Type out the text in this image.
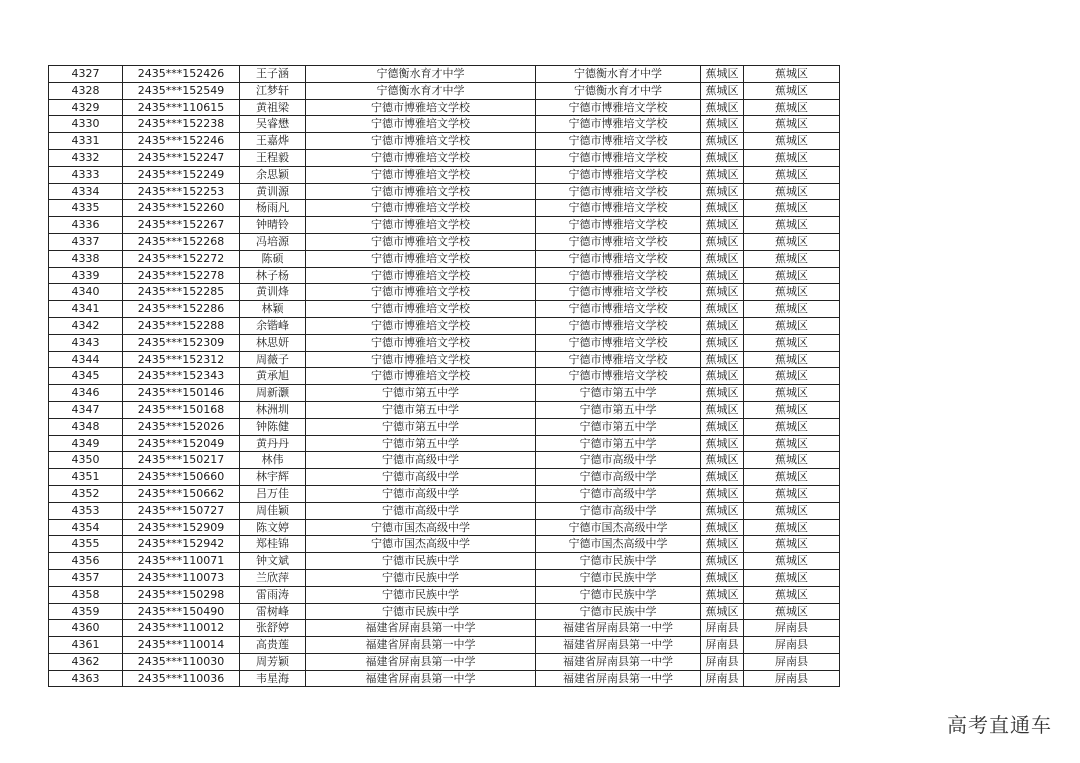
4327	2435***152426	王子涵	宁德衡水育才中学	宁德衡水育才中学	蕉城区	蕉城区
4328	2435***152549	江梦轩	宁德衡水育才中学	宁德衡水育才中学	蕉城区	蕉城区
4329	2435***110615	黄祖梁	宁德市博雅培文学校	宁德市博雅培文学校	蕉城区	蕉城区
4330	2435***152238	吴睿懋	宁德市博雅培文学校	宁德市博雅培文学校	蕉城区	蕉城区
4331	2435***152246	王嘉烨	宁德市博雅培文学校	宁德市博雅培文学校	蕉城区	蕉城区
4332	2435***152247	王程毅	宁德市博雅培文学校	宁德市博雅培文学校	蕉城区	蕉城区
4333	2435***152249	余思颖	宁德市博雅培文学校	宁德市博雅培文学校	蕉城区	蕉城区
4334	2435***152253	黄训源	宁德市博雅培文学校	宁德市博雅培文学校	蕉城区	蕉城区
4335	2435***152260	杨雨凡	宁德市博雅培文学校	宁德市博雅培文学校	蕉城区	蕉城区
4336	2435***152267	钟晴铃	宁德市博雅培文学校	宁德市博雅培文学校	蕉城区	蕉城区
4337	2435***152268	冯培源	宁德市博雅培文学校	宁德市博雅培文学校	蕉城区	蕉城区
4338	2435***152272	陈硕	宁德市博雅培文学校	宁德市博雅培文学校	蕉城区	蕉城区
4339	2435***152278	林子杨	宁德市博雅培文学校	宁德市博雅培文学校	蕉城区	蕉城区
4340	2435***152285	黄训烽	宁德市博雅培文学校	宁德市博雅培文学校	蕉城区	蕉城区
4341	2435***152286	林颖	宁德市博雅培文学校	宁德市博雅培文学校	蕉城区	蕉城区
4342	2435***152288	余锴峰	宁德市博雅培文学校	宁德市博雅培文学校	蕉城区	蕉城区
4343	2435***152309	林思妍	宁德市博雅培文学校	宁德市博雅培文学校	蕉城区	蕉城区
4344	2435***152312	周薇子	宁德市博雅培文学校	宁德市博雅培文学校	蕉城区	蕉城区
4345	2435***152343	黄承旭	宁德市博雅培文学校	宁德市博雅培文学校	蕉城区	蕉城区
4346	2435***150146	周新灏	宁德市第五中学	宁德市第五中学	蕉城区	蕉城区
4347	2435***150168	林洲圳	宁德市第五中学	宁德市第五中学	蕉城区	蕉城区
4348	2435***152026	钟陈健	宁德市第五中学	宁德市第五中学	蕉城区	蕉城区
4349	2435***152049	黄丹丹	宁德市第五中学	宁德市第五中学	蕉城区	蕉城区
4350	2435***150217	林伟	宁德市高级中学	宁德市高级中学	蕉城区	蕉城区
4351	2435***150660	林宇辉	宁德市高级中学	宁德市高级中学	蕉城区	蕉城区
4352	2435***150662	吕万佳	宁德市高级中学	宁德市高级中学	蕉城区	蕉城区
4353	2435***150727	周佳颖	宁德市高级中学	宁德市高级中学	蕉城区	蕉城区
4354	2435***152909	陈文婷	宁德市国杰高级中学	宁德市国杰高级中学	蕉城区	蕉城区
4355	2435***152942	郑桂锦	宁德市国杰高级中学	宁德市国杰高级中学	蕉城区	蕉城区
4356	2435***110071	钟文斌	宁德市民族中学	宁德市民族中学	蕉城区	蕉城区
4357	2435***110073	兰欣萍	宁德市民族中学	宁德市民族中学	蕉城区	蕉城区
4358	2435***150298	雷雨涛	宁德市民族中学	宁德市民族中学	蕉城区	蕉城区
4359	2435***150490	雷树峰	宁德市民族中学	宁德市民族中学	蕉城区	蕉城区
4360	2435***110012	张舒婷	福建省屏南县第一中学	福建省屏南县第一中学	屏南县	屏南县
4361	2435***110014	高贵莲	福建省屏南县第一中学	福建省屏南县第一中学	屏南县	屏南县
4362	2435***110030	周芳颖	福建省屏南县第一中学	福建省屏南县第一中学	屏南县	屏南县
4363	2435***110036	韦星海	福建省屏南县第一中学	福建省屏南县第一中学	屏南县	屏南县
高考直通车
